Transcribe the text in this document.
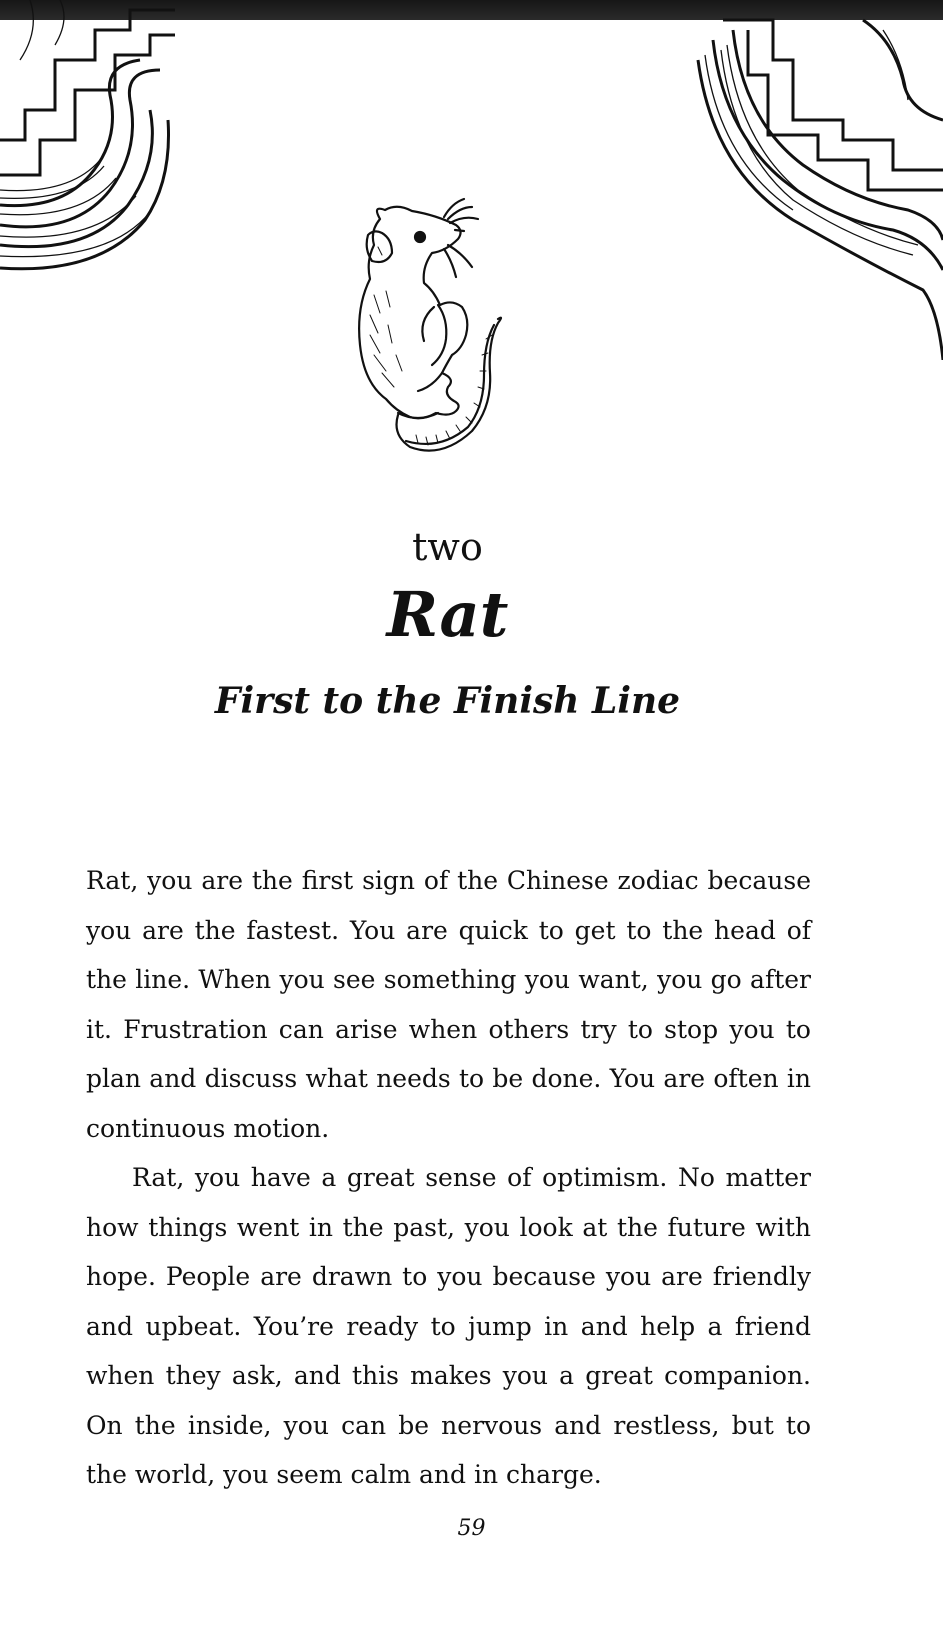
two
Rat
First to the Finish Line

Rat, you are the first sign of the Chinese zodiac because you are the fastest. You are quick to get to the head of the line. When you see something you want, you go after it. Frustration can arise when others try to stop you to plan and discuss what needs to be done. You are often in continuous motion.

Rat, you have a great sense of optimism. No matter how things went in the past, you look at the future with hope. People are drawn to you because you are friendly and upbeat. You’re ready to jump in and help a friend when they ask, and this makes you a great companion. On the inside, you can be nervous and restless, but to the world, you seem calm and in charge.

59
